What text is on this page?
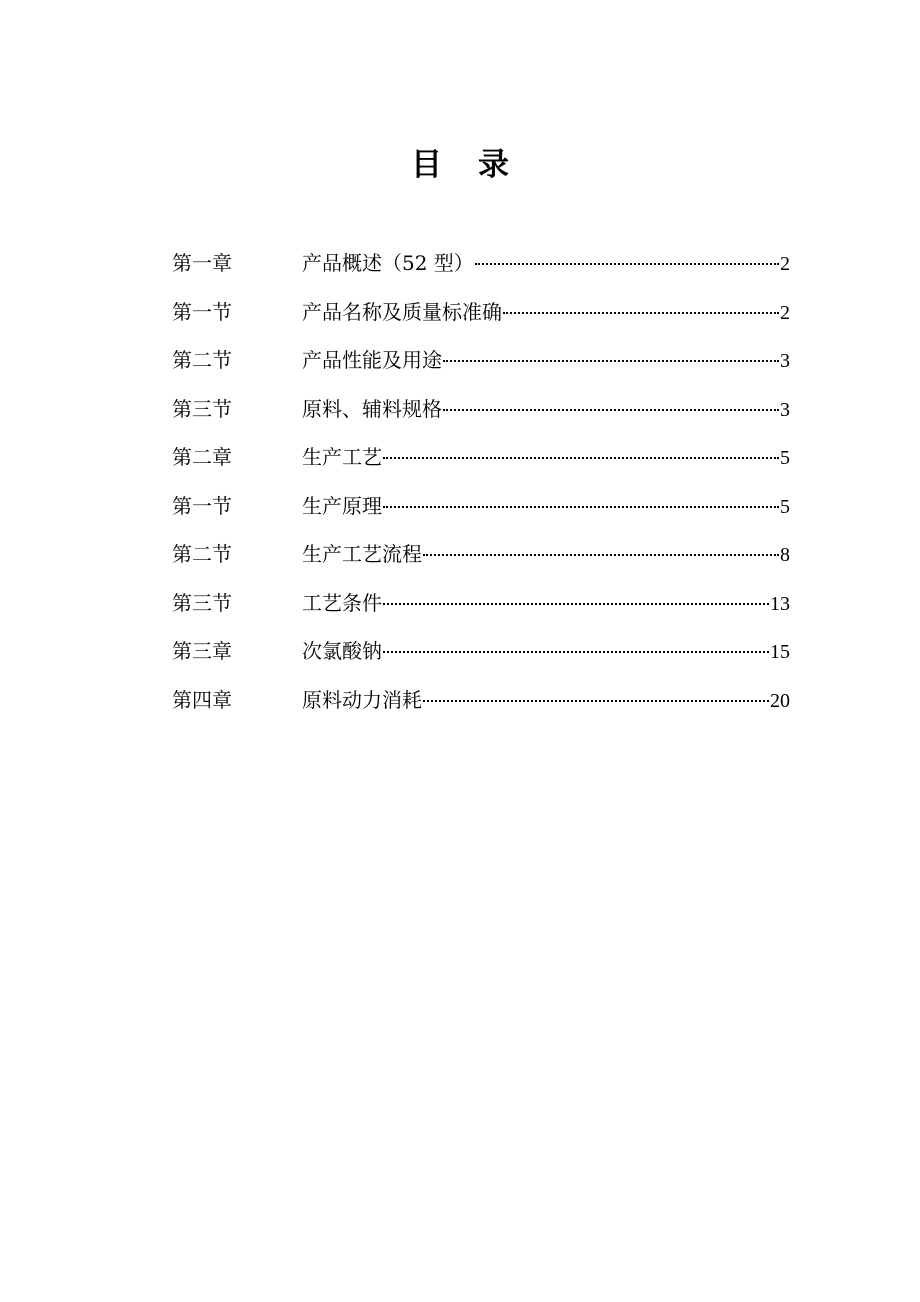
目 录
第一章	产品概述（52 型）	2
第一节	产品名称及质量标准确	2
第二节	产品性能及用途	3
第三节	原料、辅料规格	3
第二章	生产工艺	5
第一节	生产原理	5
第二节	生产工艺流程	8
第三节	工艺条件	13
第三章	次氯酸钠	15
第四章	原料动力消耗	20
